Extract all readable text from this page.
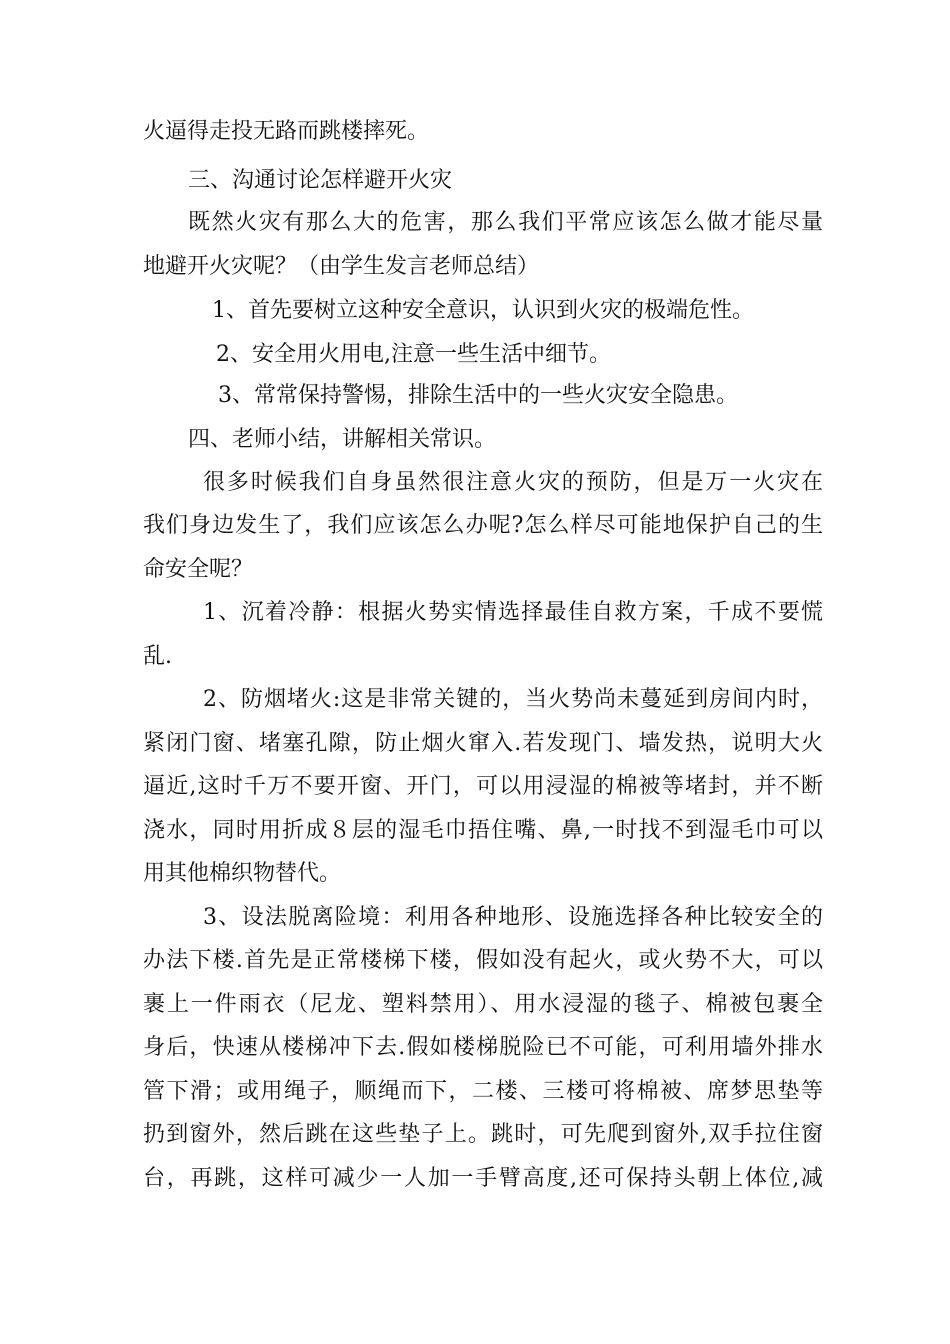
火逼得走投无路而跳楼摔死。
三、沟通讨论怎样避开火灾
既然火灾有那么大的危害，那么我们平常应该怎么做才能尽量
地避开火灾呢？（由学生发言老师总结）
1、首先要树立这种安全意识，认识到火灾的极端危性。
2、安全用火用电,注意一些生活中细节。
3、常常保持警惕，排除生活中的一些火灾安全隐患。
四、老师小结，讲解相关常识。
很多时候我们自身虽然很注意火灾的预防，但是万一火灾在
我们身边发生了，我们应该怎么办呢?怎么样尽可能地保护自己的生
命安全呢？
1、沉着冷静：根据火势实情选择最佳自救方案，千成不要慌
乱.
2、防烟堵火:这是非常关键的，当火势尚未蔓延到房间内时，
紧闭门窗、堵塞孔隙，防止烟火窜入.若发现门、墙发热，说明大火
逼近,这时千万不要开窗、开门，可以用浸湿的棉被等堵封，并不断
浇水，同时用折成８层的湿毛巾捂住嘴、鼻,一时找不到湿毛巾可以
用其他棉织物替代。
3、设法脱离险境：利用各种地形、设施选择各种比较安全的
办法下楼.首先是正常楼梯下楼，假如没有起火，或火势不大，可以
裹上一件雨衣（尼龙、塑料禁用）、用水浸湿的毯子、棉被包裹全
身后，快速从楼梯冲下去.假如楼梯脱险已不可能，可利用墙外排水
管下滑；或用绳子，顺绳而下，二楼、三楼可将棉被、席梦思垫等
扔到窗外，然后跳在这些垫子上。跳时，可先爬到窗外,双手拉住窗
台，再跳，这样可减少一人加一手臂高度,还可保持头朝上体位,减
